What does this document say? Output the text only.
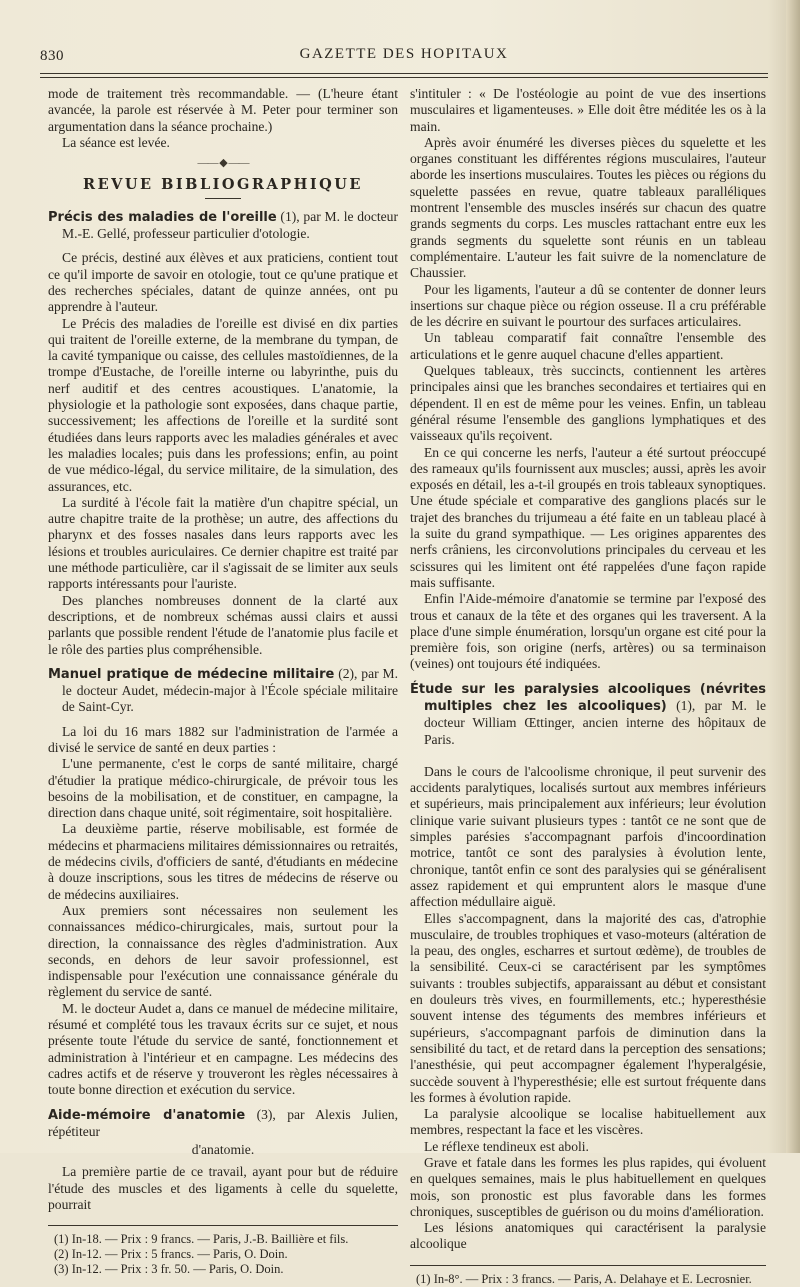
830	GAZETTE DES HOPITAUX

mode de traitement très recommandable. — (L'heure étant avancée, la parole est réservée à M. Peter pour terminer son argumentation dans la séance prochaine.)

La séance est levée.

—— ◆ ——
REVUE BIBLIOGRAPHIQUE

Précis des maladies de l'oreille (1), par M. le docteur M.-E. Gellé, professeur particulier d'otologie.

Ce précis, destiné aux élèves et aux praticiens, contient tout ce qu'il importe de savoir en otologie, tout ce qu'une pratique et des recherches spéciales, datant de quinze années, ont pu apprendre à l'auteur.

Le Précis des maladies de l'oreille est divisé en dix parties qui traitent de l'oreille externe, de la membrane du tympan, de la cavité tympanique ou caisse, des cellules mastoïdiennes, de la trompe d'Eustache, de l'oreille interne ou labyrinthe, puis du nerf auditif et des centres acoustiques. L'anatomie, la physiologie et la pathologie sont exposées, dans chaque partie, successivement; les affections de l'oreille et la surdité sont étudiées dans leurs rapports avec les maladies générales et avec les maladies locales; puis dans les professions; enfin, au point de vue médico-légal, du service militaire, de la simulation, des assurances, etc.

La surdité à l'école fait la matière d'un chapitre spécial, un autre chapitre traite de la prothèse; un autre, des affections du pharynx et des fosses nasales dans leurs rapports avec les lésions et troubles auriculaires. Ce dernier chapitre est traité par une méthode particulière, car il s'agissait de se limiter aux seuls rapports intéressants pour l'auriste.

Des planches nombreuses donnent de la clarté aux descriptions, et de nombreux schémas aussi clairs et aussi parlants que possible rendent l'étude de l'anatomie plus facile et le rôle des parties plus compréhensible.

Manuel pratique de médecine militaire (2), par M. le docteur Audet, médecin-major à l'École spéciale militaire de Saint-Cyr.

La loi du 16 mars 1882 sur l'administration de l'armée a divisé le service de santé en deux parties :

L'une permanente, c'est le corps de santé militaire, chargé d'étudier la pratique médico-chirurgicale, de prévoir tous les besoins de la mobilisation, et de constituer, en campagne, la direction dans chaque unité, soit régimentaire, soit hospitalière.

La deuxième partie, réserve mobilisable, est formée de médecins et pharmaciens militaires démissionnaires ou retraités, de médecins civils, d'officiers de santé, d'étudiants en médecine à douze inscriptions, sous les titres de médecins de réserve ou de médecins auxiliaires.

Aux premiers sont nécessaires non seulement les connaissances médico-chirurgicales, mais, surtout pour la direction, la connaissance des règles d'administration. Aux seconds, en dehors de leur savoir professionnel, est indispensable pour l'exécution une connaissance générale du règlement du service de santé.

M. le docteur Audet a, dans ce manuel de médecine militaire, résumé et complété tous les travaux écrits sur ce sujet, et nous présente toute l'étude du service de santé, fonctionnement et administration à l'intérieur et en campagne. Les médecins des cadres actifs et de réserve y trouveront les règles nécessaires à toute bonne direction et exécution du service.

Aide-mémoire d'anatomie (3), par Alexis Julien, répétiteur

d'anatomie.

La première partie de ce travail, ayant pour but de réduire l'étude des muscles et des ligaments à celle du squelette, pourrait

(1) In-18. — Prix : 9 francs. — Paris, J.-B. Baillière et fils.

(2) In-12. — Prix : 5 francs. — Paris, O. Doin.

(3) In-12. — Prix : 3 fr. 50. — Paris, O. Doin.

s'intituler : « De l'ostéologie au point de vue des insertions musculaires et ligamenteuses. » Elle doit être méditée les os à la main.

Après avoir énuméré les diverses pièces du squelette et les organes constituant les différentes régions musculaires, l'auteur aborde les insertions musculaires. Toutes les pièces ou régions du squelette passées en revue, quatre tableaux paralléliques montrent l'ensemble des muscles insérés sur chacun des quatre grands segments du corps. Les muscles rattachant entre eux les grands segments du squelette sont réunis en un tableau complémentaire. L'auteur les fait suivre de la nomenclature de Chaussier.

Pour les ligaments, l'auteur a dû se contenter de donner leurs insertions sur chaque pièce ou région osseuse. Il a cru préférable de les décrire en suivant le pourtour des surfaces articulaires.

Un tableau comparatif fait connaître l'ensemble des articulations et le genre auquel chacune d'elles appartient.

Quelques tableaux, très succincts, contiennent les artères principales ainsi que les branches secondaires et tertiaires qui en dépendent. Il en est de même pour les veines. Enfin, un tableau général résume l'ensemble des ganglions lymphatiques et des vaisseaux qu'ils reçoivent.

En ce qui concerne les nerfs, l'auteur a été surtout préoccupé des rameaux qu'ils fournissent aux muscles; aussi, après les avoir exposés en détail, les a-t-il groupés en trois tableaux synoptiques. Une étude spéciale et comparative des ganglions placés sur le trajet des branches du trijumeau a été faite en un tableau placé à la suite du grand sympathique. — Les origines apparentes des nerfs crâniens, les circonvolutions principales du cerveau et les scissures qui les limitent ont été rappelées d'une façon rapide mais suffisante.

Enfin l'Aide-mémoire d'anatomie se termine par l'exposé des trous et canaux de la tête et des organes qui les traversent. A la place d'une simple énumération, lorsqu'un organe est cité pour la première fois, son origine (nerfs, artères) ou sa terminaison (veines) ont toujours été indiquées.

Étude sur les paralysies alcooliques (névrites multiples chez les alcooliques) (1), par M. le docteur William Œttinger, ancien interne des hôpitaux de Paris.

Dans le cours de l'alcoolisme chronique, il peut survenir des accidents paralytiques, localisés surtout aux membres inférieurs et supérieurs, mais principalement aux inférieurs; leur évolution clinique varie suivant plusieurs types : tantôt ce ne sont que de simples parésies s'accompagnant parfois d'incoordination motrice, tantôt ce sont des paralysies à évolution lente, chronique, tantôt enfin ce sont des paralysies qui se généralisent assez rapidement et qui empruntent alors le masque d'une affection médullaire aiguë.

Elles s'accompagnent, dans la majorité des cas, d'atrophie musculaire, de troubles trophiques et vaso-moteurs (altération de la peau, des ongles, escharres et surtout œdème), de troubles de la sensibilité. Ceux-ci se caractérisent par les symptômes suivants : troubles subjectifs, apparaissant au début et consistant en douleurs très vives, en fourmillements, etc.; hyperesthésie souvent intense des téguments des membres inférieurs et supérieurs, s'accompagnant parfois de diminution dans la sensibilité du tact, et de retard dans la perception des sensations; l'anesthésie, qui peut accompagner également l'hyperalgésie, succède souvent à l'hyperesthésie; elle est surtout fréquente dans les formes à évolution rapide.

La paralysie alcoolique se localise habituellement aux membres, respectant la face et les viscères.

Le réflexe tendineux est aboli.

Grave et fatale dans les formes les plus rapides, qui évoluent en quelques semaines, mais le plus habituellement en quelques mois, son pronostic est plus favorable dans les formes chroniques, susceptibles de guérison ou du moins d'amélioration.

Les lésions anatomiques qui caractérisent la paralysie alcoolique

(1) In-8°. — Prix : 3 francs. — Paris, A. Delahaye et E. Lecrosnier.
